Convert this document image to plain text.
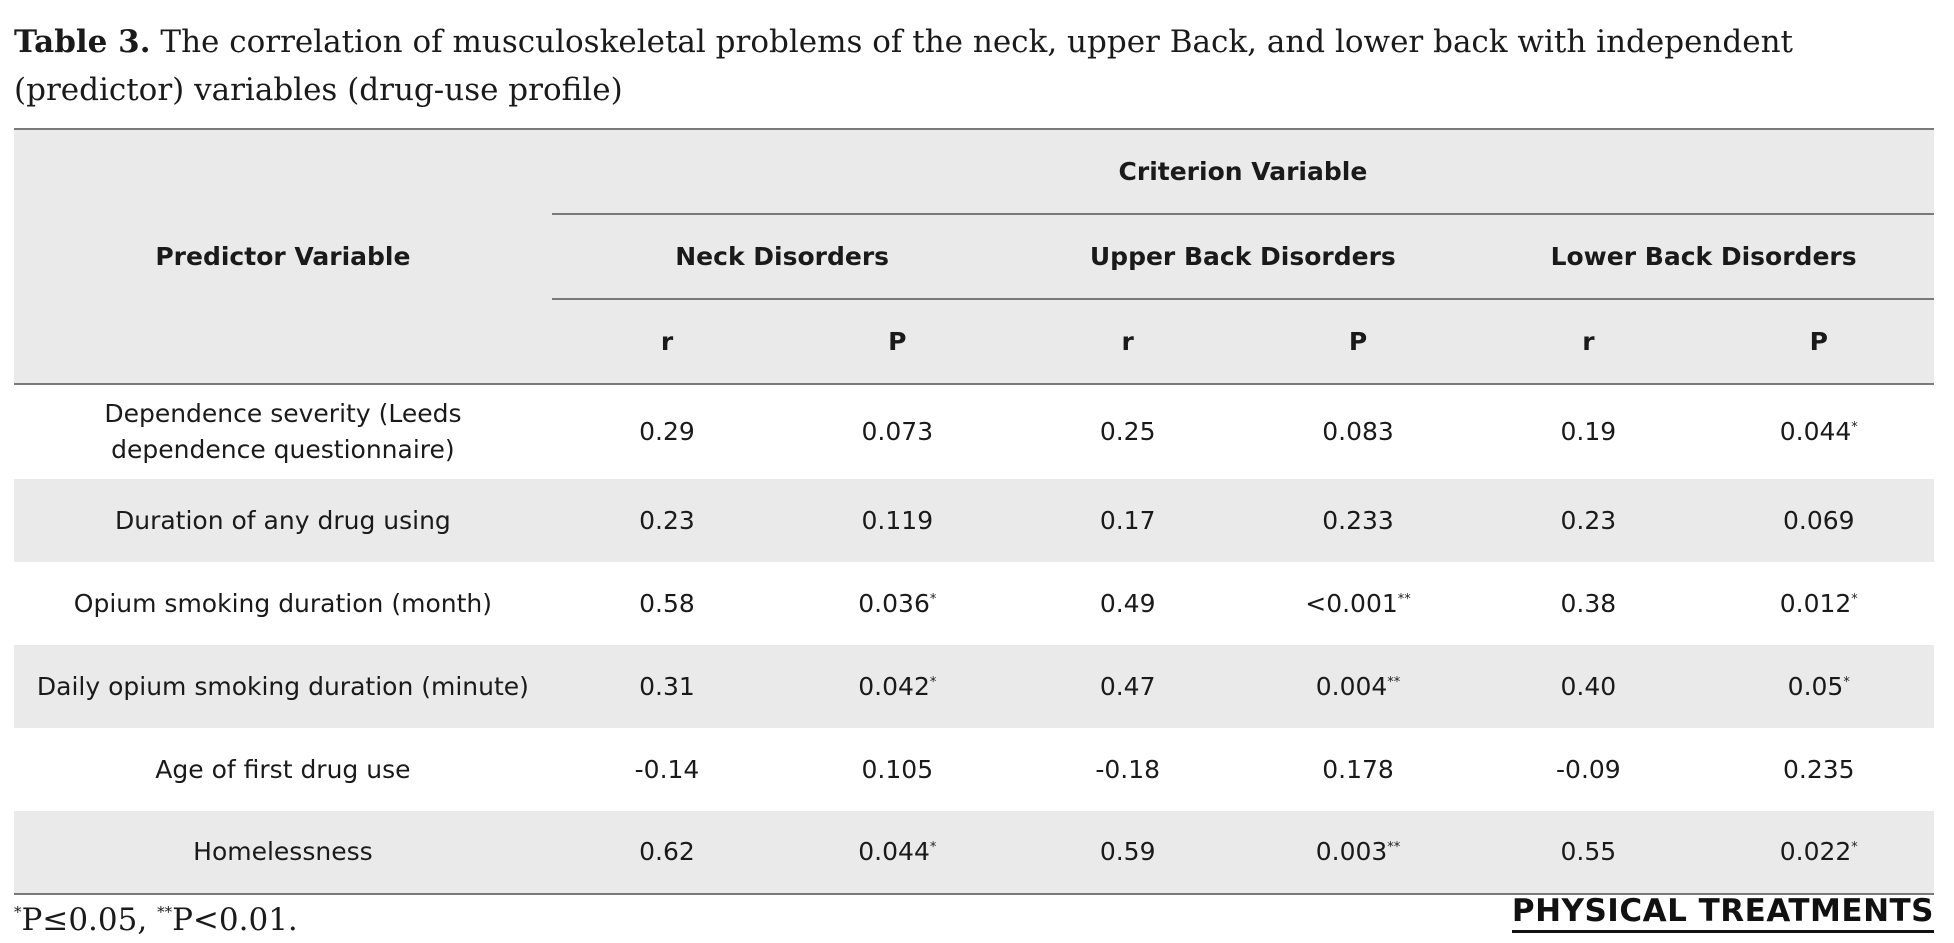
Table 3. The correlation of musculoskeletal problems of the neck, upper Back, and lower back with independent (predictor) variables (drug-use profile)
Predictor Variable	Criterion Variable					
	Neck Disorders		Upper Back Disorders		Lower Back Disorders	
	r	P	r	P	r	P
Dependence severity (Leeds dependence questionnaire)	0.29	0.073	0.25	0.083	0.19	0.044*
Duration of any drug using	0.23	0.119	0.17	0.233	0.23	0.069
Opium smoking duration (month)	0.58	0.036*	0.49	<0.001**	0.38	0.012*
Daily opium smoking duration (minute)	0.31	0.042*	0.47	0.004**	0.40	0.05*
Age of first drug use	-0.14	0.105	-0.18	0.178	-0.09	0.235
Homelessness	0.62	0.044*	0.59	0.003**	0.55	0.022*
*P≤0.05, **P<0.01.	PHYSICAL TREATMENTS
